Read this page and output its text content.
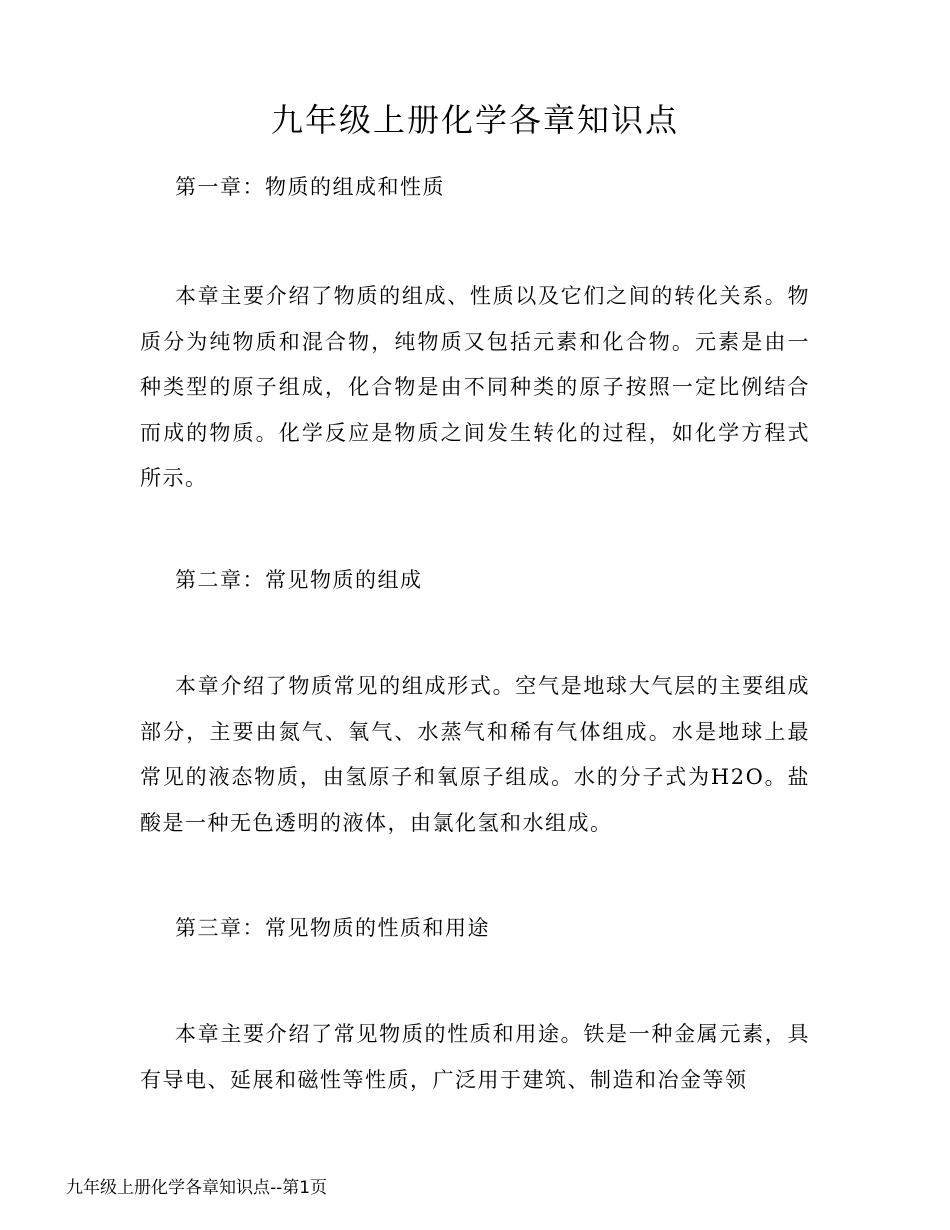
九年级上册化学各章知识点
第一章：物质的组成和性质

本章主要介绍了物质的组成、性质以及它们之间的转化关系。物质分为纯物质和混合物，纯物质又包括元素和化合物。元素是由一种类型的原子组成，化合物是由不同种类的原子按照一定比例结合而成的物质。化学反应是物质之间发生转化的过程，如化学方程式所示。

第二章：常见物质的组成

本章介绍了物质常见的组成形式。空气是地球大气层的主要组成部分，主要由氮气、氧气、水蒸气和稀有气体组成。水是地球上最常见的液态物质，由氢原子和氧原子组成。水的分子式为H2O。盐酸是一种无色透明的液体，由氯化氢和水组成。

第三章：常见物质的性质和用途

本章主要介绍了常见物质的性质和用途。铁是一种金属元素，具有导电、延展和磁性等性质，广泛用于建筑、制造和冶金等领

九年级上册化学各章知识点--第1页
